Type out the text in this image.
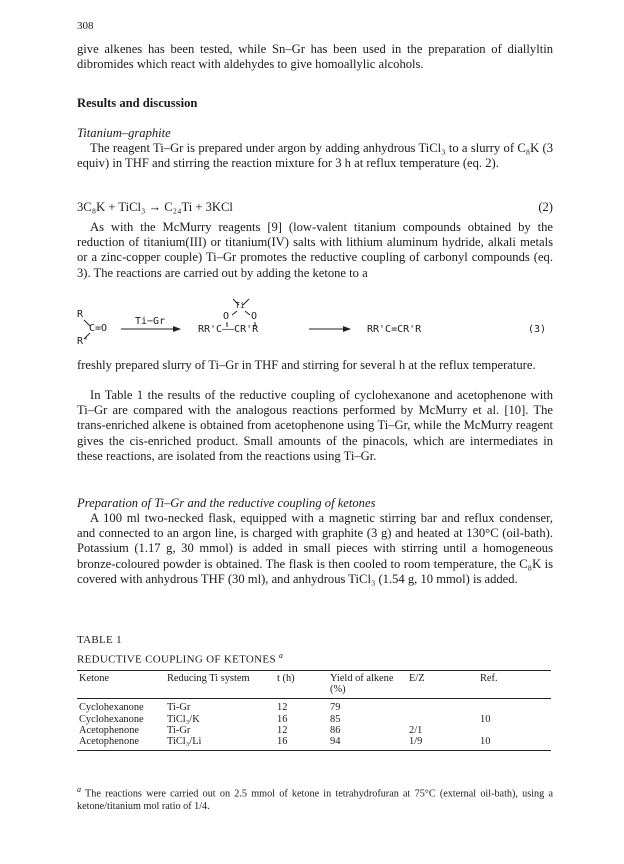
308

give alkenes has been tested, while Sn–Gr has been used in the preparation of diallyltin dibromides which react with aldehydes to give homoallylic alcohols.

Results and discussion
Titanium–graphite

The reagent Ti–Gr is prepared under argon by adding anhydrous TiCl₃ to a slurry of C₈K (3 equiv) in THF and stirring the reaction mixture for 3 h at reflux temperature (eq. 2).

3C₈K + TiCl₃ → C₂₄Ti + 3KCl	(2)

As with the McMurry reagents [9] (low-valent titanium compounds obtained by the reduction of titanium(III) or titanium(IV) salts with lithium aluminum hydride, alkali metals or a zinc-copper couple) Ti–Gr promotes the reductive coupling of carbonyl compounds (eq. 3). The reactions are carried out by adding the ketone to a

R
R'
C=O
Ti−Gr
Ti
O O
RR'C——CR'R	RR'C=CR'R	(3)

freshly prepared slurry of Ti–Gr in THF and stirring for several h at the reflux temperature.

In Table 1 the results of the reductive coupling of cyclohexanone and acetophenone with Ti–Gr are compared with the analogous reactions performed by McMurry et al. [10]. The trans-enriched alkene is obtained from acetophenone using Ti–Gr, while the McMurry reagent gives the cis-enriched product. Small amounts of the pinacols, which are intermediates in these reactions, are isolated from the reactions using Ti–Gr.

Preparation of Ti–Gr and the reductive coupling of ketones

A 100 ml two-necked flask, equipped with a magnetic stirring bar and reflux condenser, and connected to an argon line, is charged with graphite (3 g) and heated at 130°C (oil-bath). Potassium (1.17 g, 30 mmol) is added in small pieces with stirring until a homogeneous bronze-coloured powder is obtained. The flask is then cooled to room temperature, the C₈K is covered with anhydrous THF (30 ml), and anhydrous TiCl₃ (1.54 g, 10 mmol) is added.

TABLE 1
REDUCTIVE COUPLING OF KETONES $^a$
Ketone	Reducing Ti system	t (h)	Yield of alkene (%)	E/Z	Ref.
Cyclohexanone	Ti-Gr	12	79		
Cyclohexanone	TiCl₃/K	16	85		10
Acetophenone	Ti-Gr	12	86	2/1	
Acetophenone	TiCl₃/Li	16	94	1/9	10
$^a$ The reactions were carried out on 2.5 mmol of ketone in tetrahydrofuran at 75°C (external oil-bath), using a ketone/titanium mol ratio of 1/4.
